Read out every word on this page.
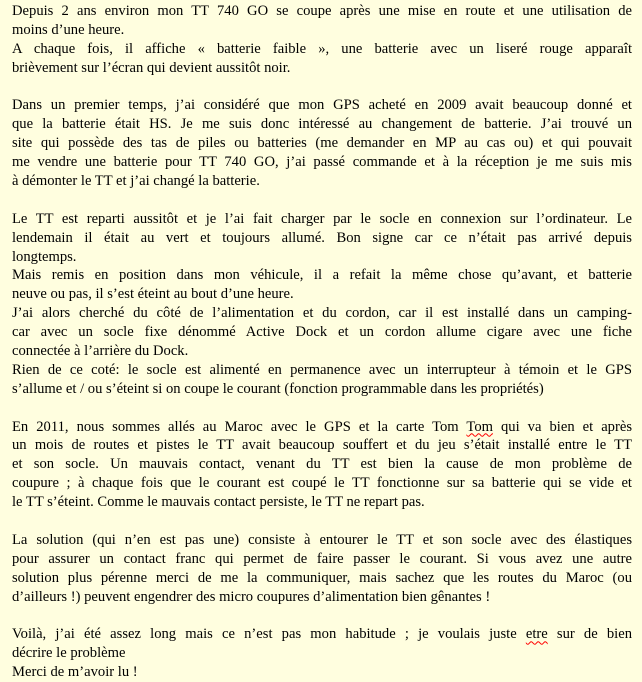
Depuis 2 ans environ mon TT 740 GO se coupe après une mise en route et une utilisation de
moins d’une heure.
A chaque fois, il affiche « batterie faible », une batterie avec un liseré rouge apparaît
brièvement sur l’écran qui devient aussitôt noir.
Dans un premier temps, j’ai considéré que mon GPS acheté en 2009 avait beaucoup donné et
que la batterie était HS. Je me suis donc intéressé au changement de batterie. J’ai trouvé un
site qui possède des tas de piles ou batteries (me demander en MP au cas ou) et qui pouvait
me vendre une batterie pour TT 740 GO, j’ai passé commande et à la réception je me suis mis
à démonter le TT et j’ai changé la batterie.
Le TT est reparti aussitôt et je l’ai fait charger par le socle en connexion sur l’ordinateur. Le
lendemain il était au vert et toujours allumé. Bon signe car ce n’était pas arrivé depuis
longtemps.
Mais remis en position dans mon véhicule, il a refait la même chose qu’avant, et batterie
neuve ou pas, il s’est éteint au bout d’une heure.
J’ai alors cherché du côté de l’alimentation et du cordon, car il est installé dans un camping-
car avec un socle fixe dénommé Active Dock et un cordon allume cigare avec une fiche
connectée à l’arrière du Dock.
Rien de ce coté: le socle est alimenté en permanence avec un interrupteur à témoin et le GPS
s’allume et / ou s’éteint si on coupe le courant (fonction programmable dans les propriétés)
En 2011, nous sommes allés au Maroc avec le GPS et la carte Tom Tom qui va bien et après
un mois de routes et pistes le TT avait beaucoup souffert et du jeu s’était installé entre le TT
et son socle. Un mauvais contact, venant du TT est bien la cause de mon problème de
coupure ; à chaque fois que le courant est coupé le TT fonctionne sur sa batterie qui se vide et
le TT s’éteint. Comme le mauvais contact persiste, le TT ne repart pas.
La solution (qui n’en est pas une) consiste à entourer le TT et son socle avec des élastiques
pour assurer un contact franc qui permet de faire passer le courant. Si vous avez une autre
solution plus pérenne merci de me la communiquer, mais sachez que les routes du Maroc (ou
d’ailleurs !) peuvent engendrer des micro coupures d’alimentation bien gênantes !
Voilà, j’ai été assez long mais ce n’est pas mon habitude ; je voulais juste etre sur de bien
décrire le problème
Merci de m’avoir lu !
